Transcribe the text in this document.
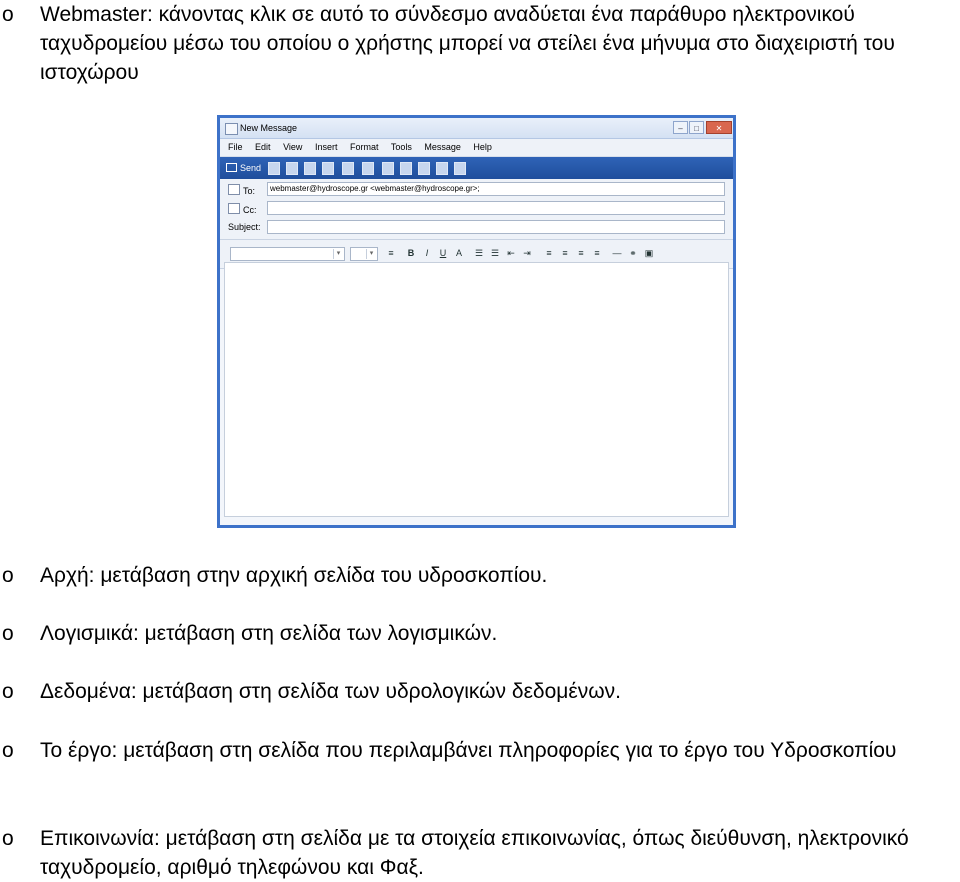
o	Webmaster: κάνοντας κλικ σε αυτό το σύνδεσμο αναδύεται ένα παράθυρο ηλεκτρονικού ταχυδρομείου μέσω του οποίου ο χρήστης μπορεί να στείλει ένα μήνυμα στο διαχειριστή του ιστοχώρου
New Message	–	□	✕
File Edit View Insert Format Tools Message Help
Send
To:	webmaster@hydroscope.gr <webmaster@hydroscope.gr>;
Cc:
Subject:
▾	▾	≡ B	I	U A ☰ ☰ ⇤ ⇥ ≡ ≡ ≡ ≡ — ⚭ ▣
o	Αρχή: μετάβαση στην αρχική σελίδα του υδροσκοπίου.
o	Λογισμικά: μετάβαση στη σελίδα των λογισμικών.
o	Δεδομένα: μετάβαση στη σελίδα των υδρολογικών δεδομένων.
o	Το έργο: μετάβαση στη σελίδα που περιλαμβάνει πληροφορίες για το έργο του Υδροσκοπίου
o	Επικοινωνία: μετάβαση στη σελίδα με τα στοιχεία επικοινωνίας, όπως διεύθυνση, ηλεκτρονικό ταχυδρομείο, αριθμό τηλεφώνου και Φαξ.
